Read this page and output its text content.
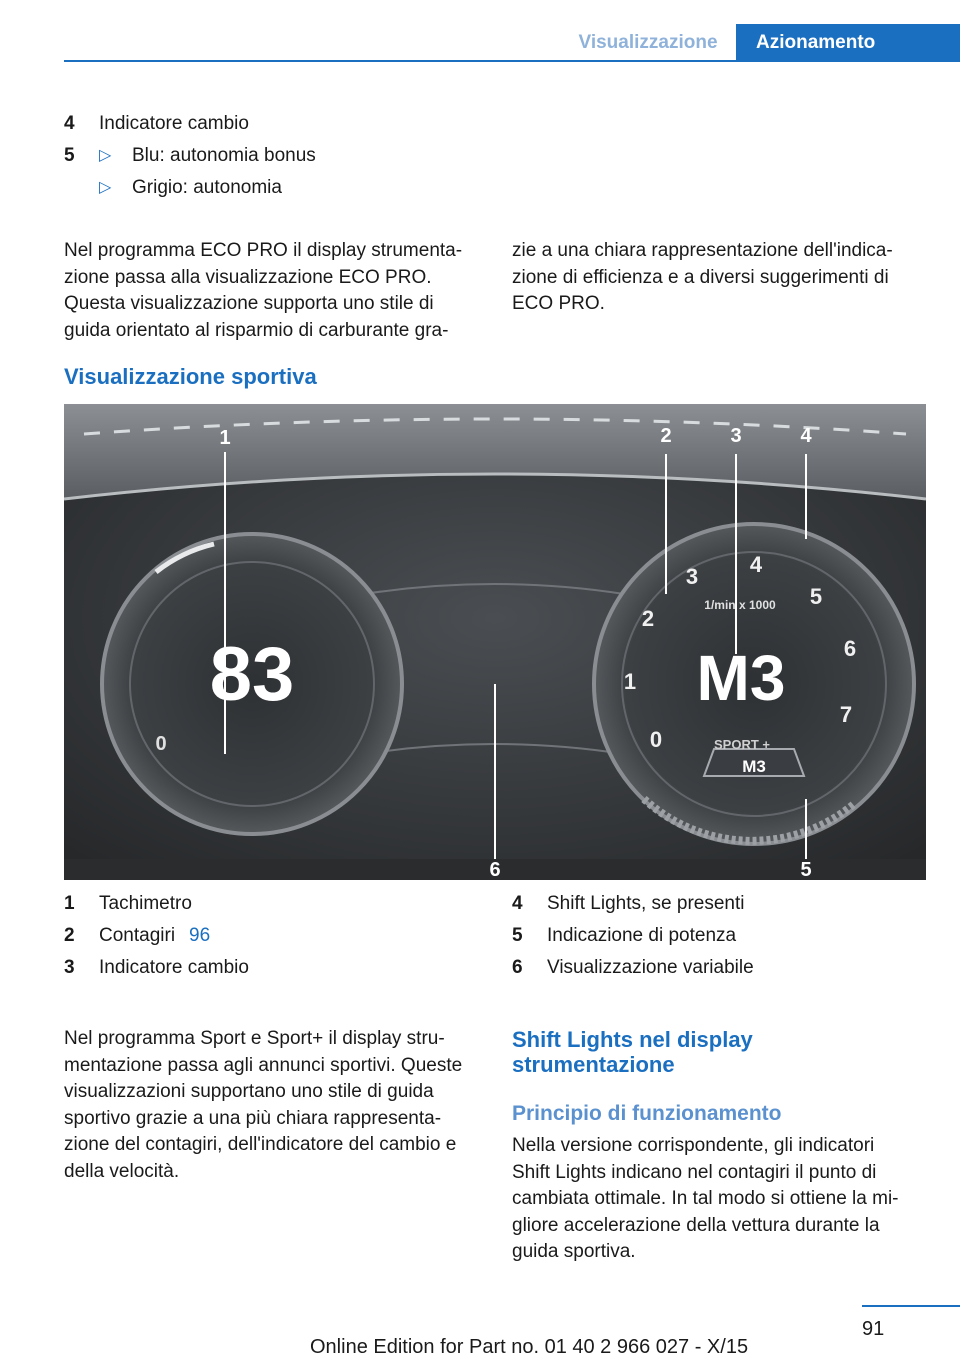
Visualizzazione	Azionamento
4	Indicatore cambio
5	▷	Blu: autonomia bonus
▷	Grigio: autonomia
Nel programma ECO PRO il display strumenta-
zione passa alla visualizzazione ECO PRO.
Questa visualizzazione supporta uno stile di
guida orientato al risparmio di carburante gra-
zie a una chiara rappresentazione dell'indica-
zione di efficienza e a diversi suggerimenti di
ECO PRO.
Visualizzazione sportiva
83
0
M3
1/min x 1000
0
1
2
3 4
5
6
7
SPORT +
M3
1	2	3	4
5
6
1	Tachimetro
2	Contagiri 96
3	Indicatore cambio
4	Shift Lights, se presenti
5	Indicazione di potenza
6	Visualizzazione variabile
Nel programma Sport e Sport+ il display stru-
mentazione passa agli annunci sportivi. Queste
visualizzazioni supportano uno stile di guida
sportivo grazie a una più chiara rappresenta-
zione del contagiri, dell'indicatore del cambio e
della velocità.
Shift Lights nel display
strumentazione
Principio di funzionamento
Nella versione corrispondente, gli indicatori
Shift Lights indicano nel contagiri il punto di
cambiata ottimale. In tal modo si ottiene la mi-
gliore accelerazione della vettura durante la
guida sportiva.
91
Online Edition for Part no. 01 40 2 966 027 - X/15
